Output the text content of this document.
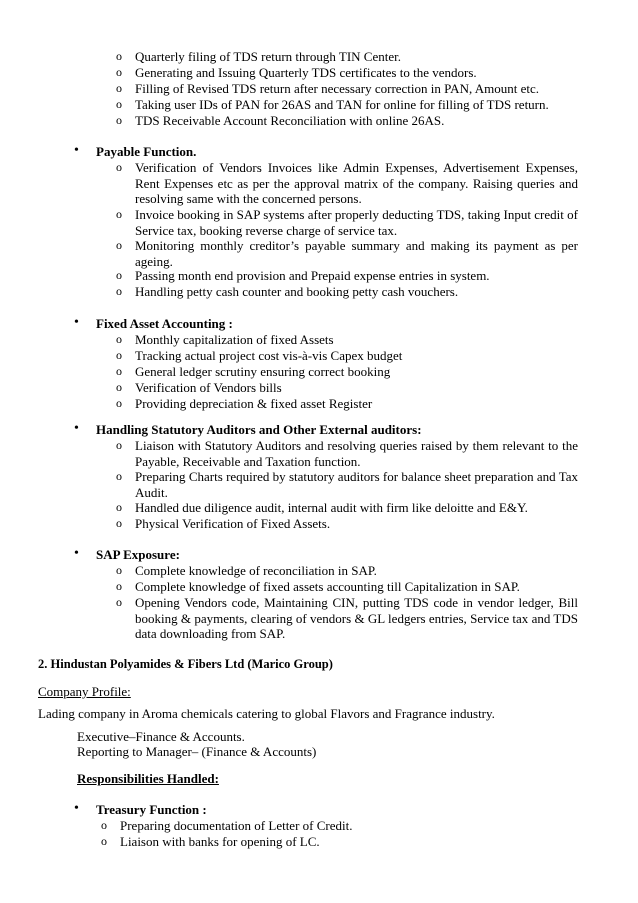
o	Quarterly filing of TDS return through TIN Center.
o	Generating and Issuing Quarterly TDS certificates to the vendors.
o	Filling of Revised TDS return after necessary correction in PAN, Amount etc.
o	Taking user IDs of PAN for 26AS and TAN for online for filling of TDS return.
o	TDS Receivable Account Reconciliation with online 26AS.
• Payable Function.
o	Verification of Vendors Invoices like Admin Expenses, Advertisement Expenses, Rent Expenses etc as per the approval matrix of the company. Raising queries and resolving same with the concerned persons.
o	Invoice booking in SAP systems after properly deducting TDS, taking Input credit of Service tax, booking reverse charge of service tax.
o	Monitoring monthly creditor’s payable summary and making its payment as per ageing.
o	Passing month end provision and Prepaid expense entries in system.
o	Handling petty cash counter and booking petty cash vouchers.
• Fixed Asset Accounting :
o	Monthly capitalization of fixed Assets
o	Tracking actual project cost vis-à-vis Capex budget
o	General ledger scrutiny ensuring correct booking
o	Verification of Vendors bills
o	Providing depreciation & fixed asset Register
• Handling Statutory Auditors and Other External auditors:
o	Liaison with Statutory Auditors and resolving queries raised by them relevant to the Payable, Receivable and Taxation function.
o	Preparing Charts required by statutory auditors for balance sheet preparation and Tax Audit.
o	Handled due diligence audit, internal audit with firm like deloitte and E&Y.
o	Physical Verification of Fixed Assets.
• SAP Exposure:
o	Complete knowledge of reconciliation in SAP.
o	Complete knowledge of fixed assets accounting till Capitalization in SAP.
o	Opening Vendors code, Maintaining CIN, putting TDS code in vendor ledger, Bill booking & payments, clearing of vendors & GL ledgers entries, Service tax and TDS data downloading from SAP.
2. Hindustan Polyamides & Fibers Ltd (Marico Group)
Company Profile:
Lading company in Aroma chemicals catering to global Flavors and Fragrance industry.
Executive–Finance & Accounts.
Reporting to Manager– (Finance & Accounts)
Responsibilities Handled:
• Treasury Function :
o	Preparing documentation of Letter of Credit.
o	Liaison with banks for opening of LC.
